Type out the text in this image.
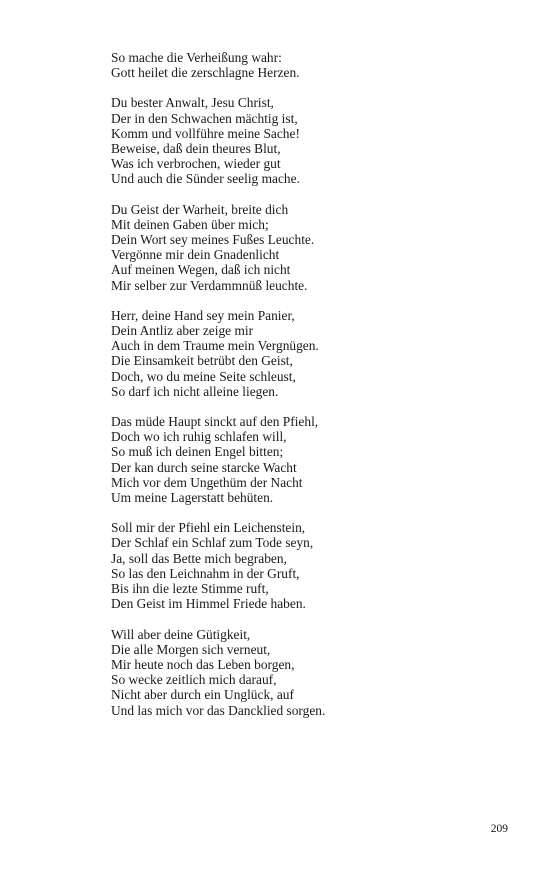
So mache die Verheißung wahr:
Gott heilet die zerschlagne Herzen.
Du bester Anwalt, Jesu Christ,
Der in den Schwachen mächtig ist,
Komm und vollführe meine Sache!
Beweise, daß dein theures Blut,
Was ich verbrochen, wieder gut
Und auch die Sünder seelig mache.
Du Geist der Warheit, breite dich
Mit deinen Gaben über mich;
Dein Wort sey meines Fußes Leuchte.
Vergönne mir dein Gnadenlicht
Auf meinen Wegen, daß ich nicht
Mir selber zur Verdammnüß leuchte.
Herr, deine Hand sey mein Panier,
Dein Antliz aber zeige mir
Auch in dem Traume mein Vergnügen.
Die Einsamkeit betrübt den Geist,
Doch, wo du meine Seite schleust,
So darf ich nicht alleine liegen.
Das müde Haupt sinckt auf den Pfiehl,
Doch wo ich ruhig schlafen will,
So muß ich deinen Engel bitten;
Der kan durch seine starcke Wacht
Mich vor dem Ungethüm der Nacht
Um meine Lagerstatt behüten.
Soll mir der Pfiehl ein Leichenstein,
Der Schlaf ein Schlaf zum Tode seyn,
Ja, soll das Bette mich begraben,
So las den Leichnahm in der Gruft,
Bis ihn die lezte Stimme ruft,
Den Geist im Himmel Friede haben.
Will aber deine Gütigkeit,
Die alle Morgen sich verneut,
Mir heute noch das Leben borgen,
So wecke zeitlich mich darauf,
Nicht aber durch ein Unglück, auf
Und las mich vor das Dancklied sorgen.
209
